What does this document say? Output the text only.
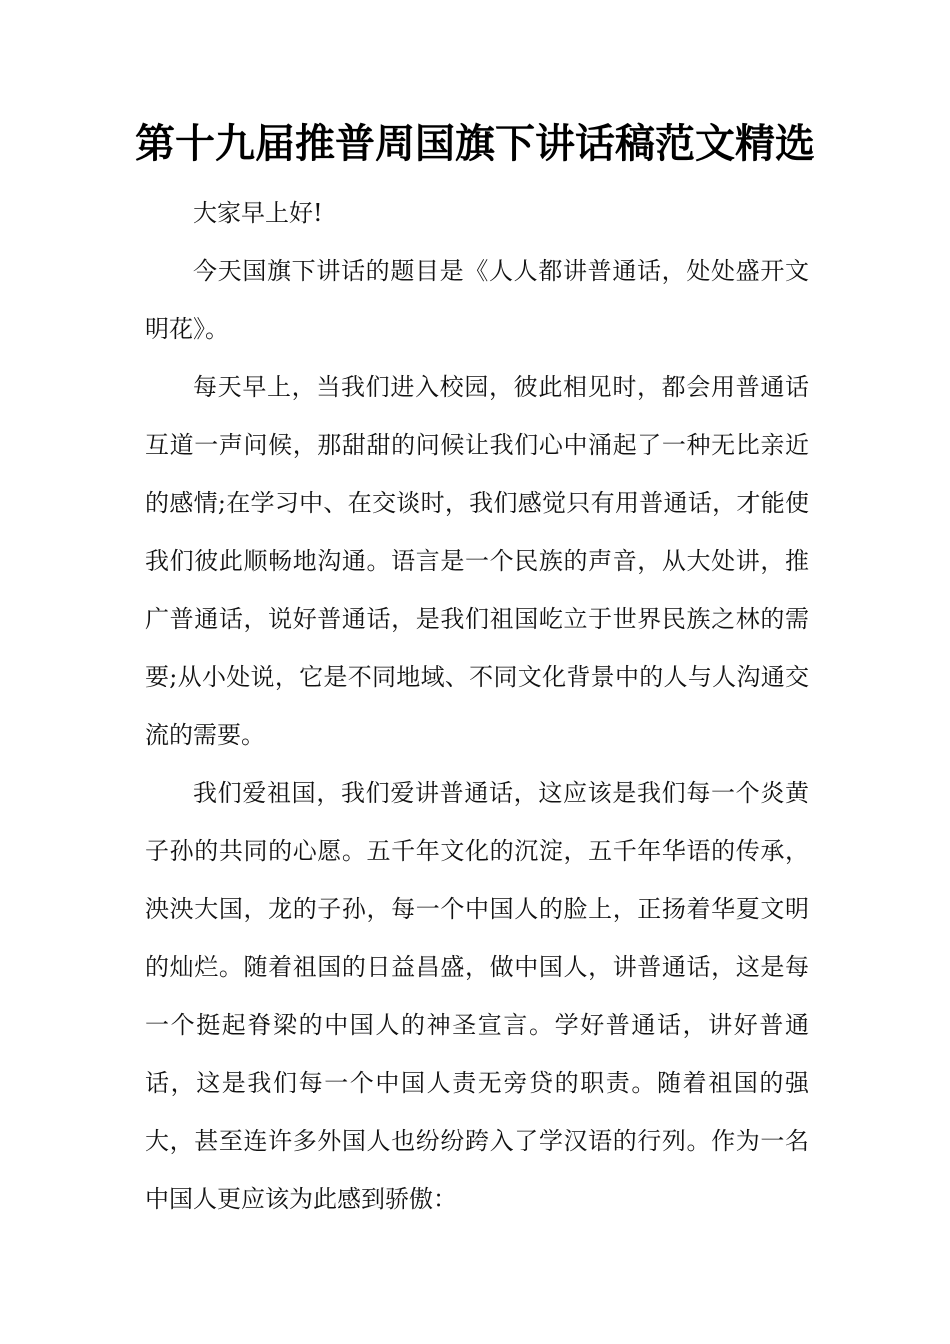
第十九届推普周国旗下讲话稿范文精选

大家早上好!

今天国旗下讲话的题目是《人人都讲普通话，处处盛开文明花》。

每天早上，当我们进入校园，彼此相见时，都会用普通话互道一声问候，那甜甜的问候让我们心中涌起了一种无比亲近的感情;在学习中、在交谈时，我们感觉只有用普通话，才能使我们彼此顺畅地沟通。语言是一个民族的声音，从大处讲，推广普通话，说好普通话，是我们祖国屹立于世界民族之林的需要;从小处说，它是不同地域、不同文化背景中的人与人沟通交流的需要。

我们爱祖国，我们爱讲普通话，这应该是我们每一个炎黄子孙的共同的心愿。五千年文化的沉淀，五千年华语的传承，泱泱大国，龙的子孙，每一个中国人的脸上，正扬着华夏文明的灿烂。随着祖国的日益昌盛，做中国人，讲普通话，这是每一个挺起脊梁的中国人的神圣宣言。学好普通话，讲好普通话，这是我们每一个中国人责无旁贷的职责。随着祖国的强大，甚至连许多外国人也纷纷跨入了学汉语的行列。作为一名中国人更应该为此感到骄傲：
